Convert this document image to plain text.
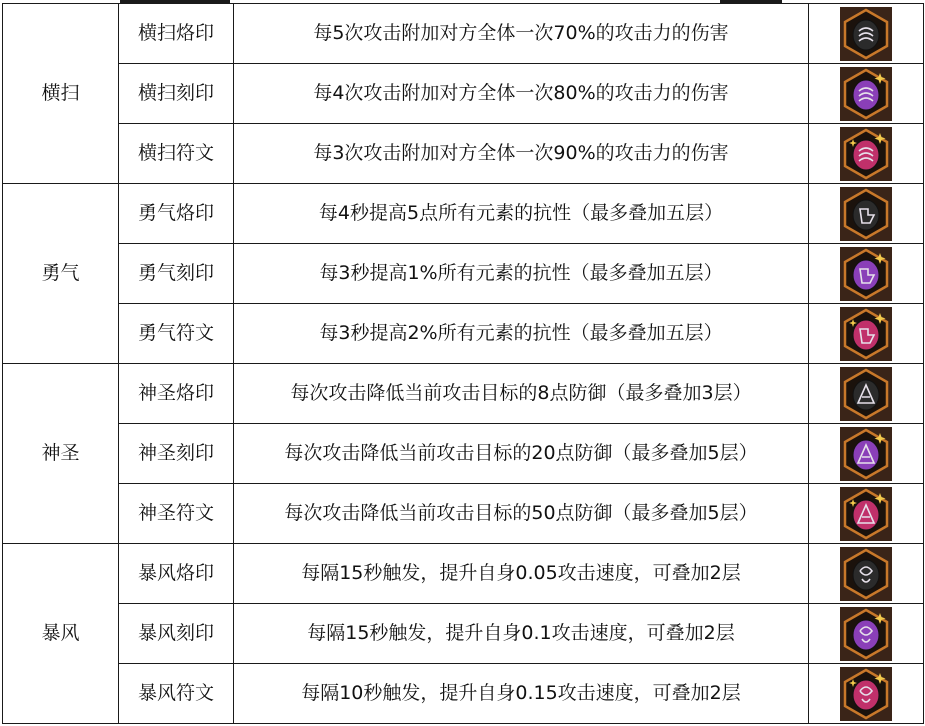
横扫	横扫烙印	每5次攻击附加对方全体一次70%的攻击力的伤害	

	横扫刻印	每4次攻击附加对方全体一次80%的攻击力的伤害	

	横扫符文	每3次攻击附加对方全体一次90%的攻击力的伤害	

勇气	勇气烙印	每4秒提高5点所有元素的抗性（最多叠加五层）	

	勇气刻印	每3秒提高1%所有元素的抗性（最多叠加五层）	

	勇气符文	每3秒提高2%所有元素的抗性（最多叠加五层）	

神圣	神圣烙印	每次攻击降低当前攻击目标的8点防御（最多叠加3层）	

	神圣刻印	每次攻击降低当前攻击目标的20点防御（最多叠加5层）	

	神圣符文	每次攻击降低当前攻击目标的50点防御（最多叠加5层）	

暴风	暴风烙印	每隔15秒触发，提升自身0.05攻击速度，可叠加2层	

	暴风刻印	每隔15秒触发，提升自身0.1攻击速度，可叠加2层	

	暴风符文	每隔10秒触发，提升自身0.15攻击速度，可叠加2层	
